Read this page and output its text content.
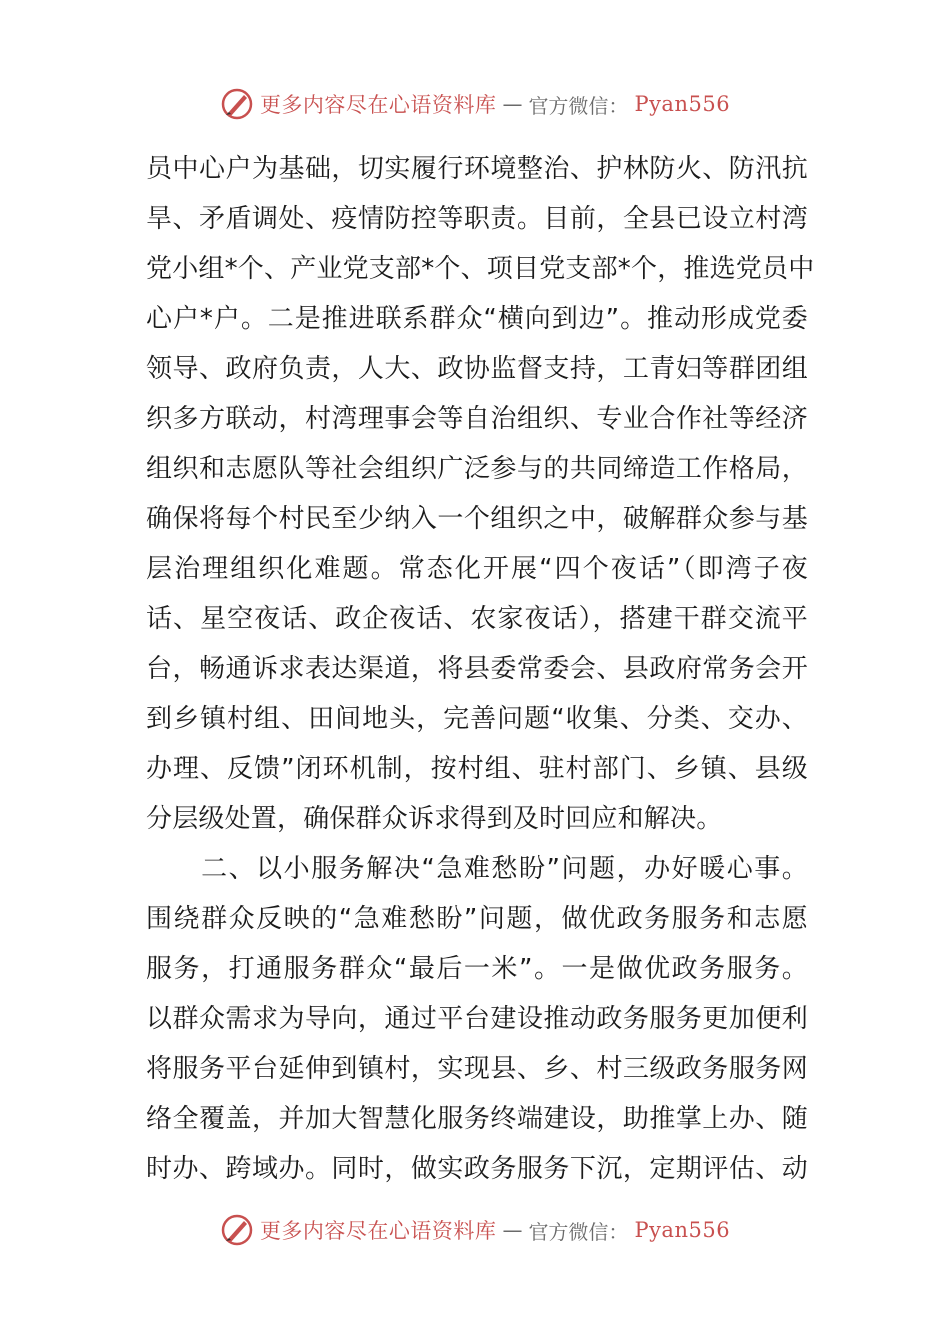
更多内容尽在心语资料库 — 官方微信： Pyan556
员中心户为基础，切实履行环境整治、护林防火、防汛抗
旱、矛盾调处、疫情防控等职责。目前，全县已设立村湾
党小组*个、产业党支部*个、项目党支部*个，推选党员中
心户*户。二是推进联系群众“横向到边”。推动形成党委
领导、政府负责，人大、政协监督支持，工青妇等群团组
织多方联动，村湾理事会等自治组织、专业合作社等经济
组织和志愿队等社会组织广泛参与的共同缔造工作格局，
确保将每个村民至少纳入一个组织之中，破解群众参与基
层治理组织化难题。常态化开展“四个夜话”（即湾子夜
话、星空夜话、政企夜话、农家夜话），搭建干群交流平
台，畅通诉求表达渠道，将县委常委会、县政府常务会开
到乡镇村组、田间地头，完善问题“收集、分类、交办、
办理、反馈”闭环机制，按村组、驻村部门、乡镇、县级
分层级处置，确保群众诉求得到及时回应和解决。
　　二、以小服务解决“急难愁盼”问题，办好暖心事。
围绕群众反映的“急难愁盼”问题，做优政务服务和志愿
服务，打通服务群众“最后一米”。一是做优政务服务。
以群众需求为导向，通过平台建设推动政务服务更加便利
将服务平台延伸到镇村，实现县、乡、村三级政务服务网
络全覆盖，并加大智慧化服务终端建设，助推掌上办、随
时办、跨域办。同时，做实政务服务下沉，定期评估、动
更多内容尽在心语资料库 — 官方微信： Pyan556
